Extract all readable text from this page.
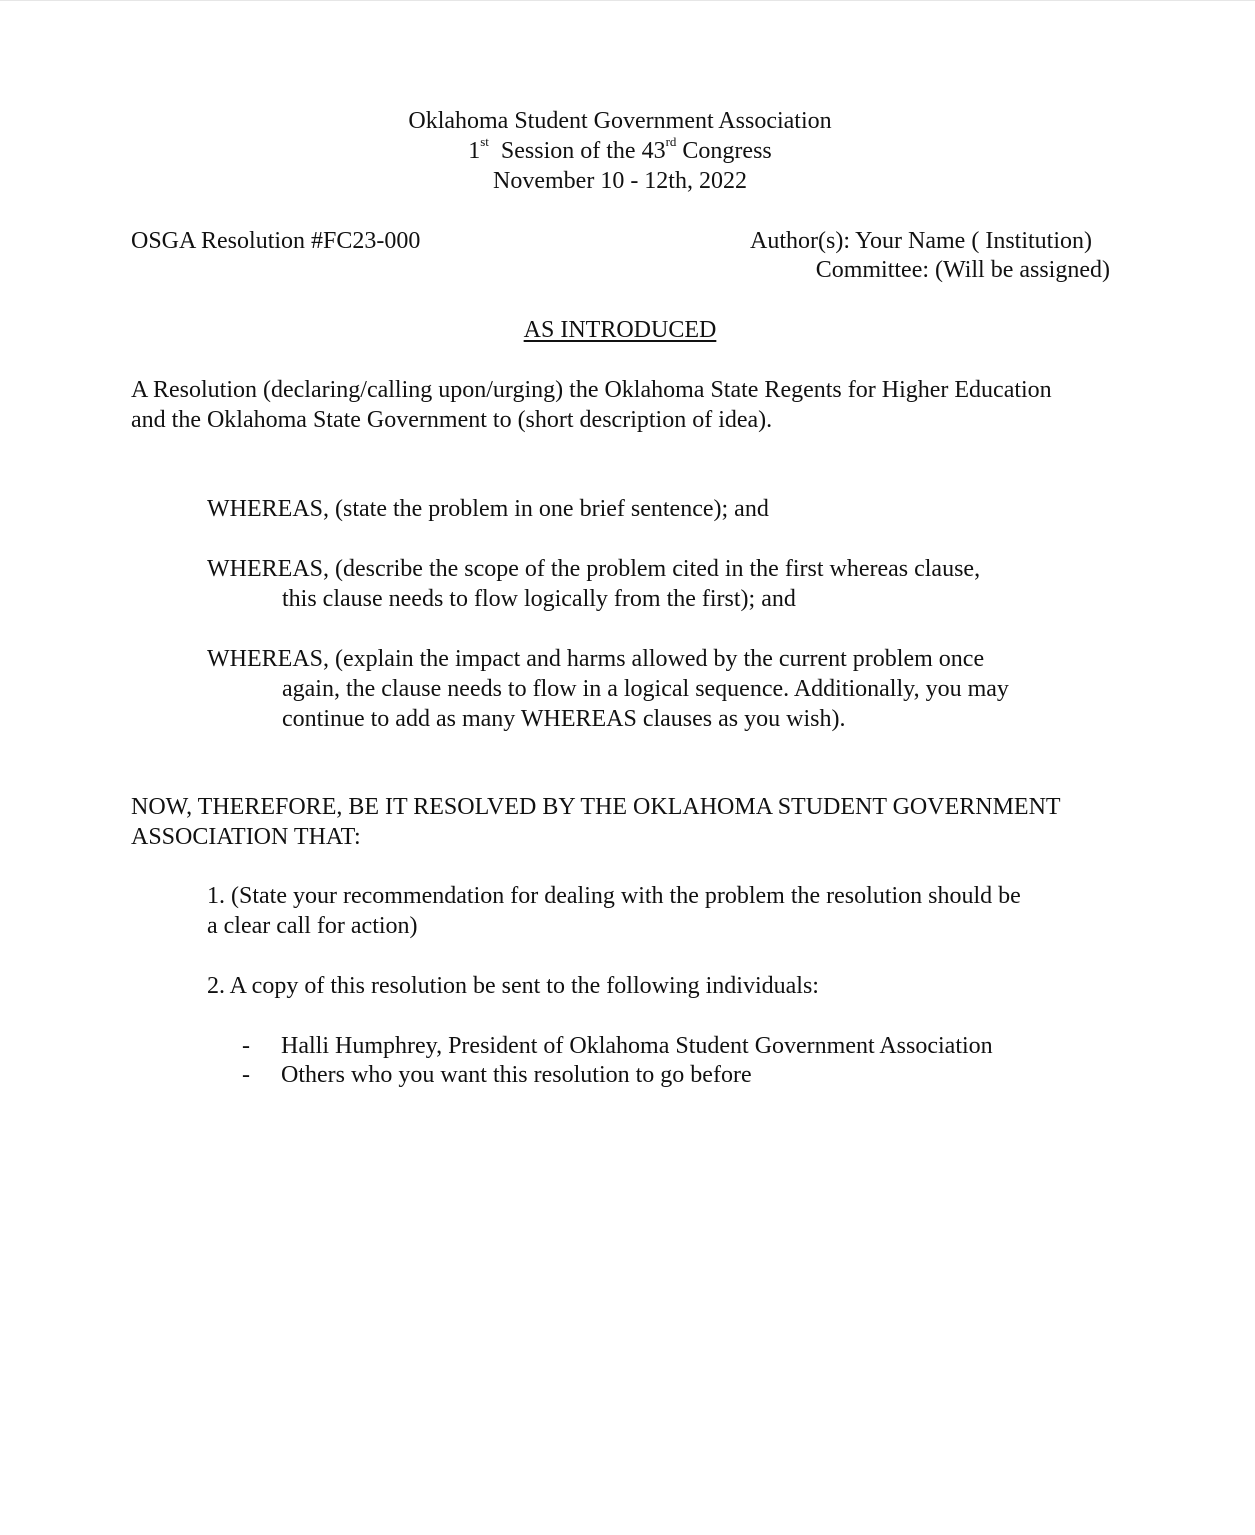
Oklahoma Student Government Association
1st Session of the 43rd Congress
November 10 - 12th, 2022
OSGA Resolution #FC23-000	Author(s): Your Name ( Institution)
Committee: (Will be assigned)
AS INTRODUCED
A Resolution (declaring/calling upon/urging) the Oklahoma State Regents for Higher Education
and the Oklahoma State Government to (short description of idea).
WHEREAS, (state the problem in one brief sentence); and
WHEREAS, (describe the scope of the problem cited in the first whereas clause,
this clause needs to flow logically from the first); and
WHEREAS, (explain the impact and harms allowed by the current problem once
again, the clause needs to flow in a logical sequence. Additionally, you may
continue to add as many WHEREAS clauses as you wish).
NOW, THEREFORE, BE IT RESOLVED BY THE OKLAHOMA STUDENT GOVERNMENT
ASSOCIATION THAT:
1. (State your recommendation for dealing with the problem the resolution should be
a clear call for action)
2. A copy of this resolution be sent to the following individuals:
- Halli Humphrey, President of Oklahoma Student Government Association
- Others who you want this resolution to go before
